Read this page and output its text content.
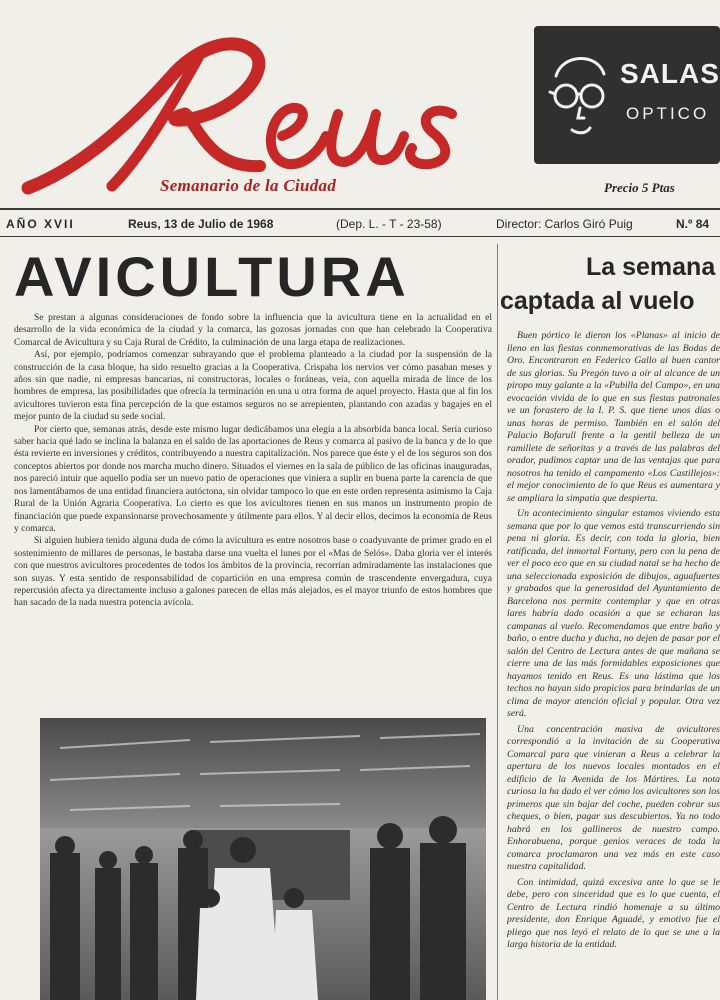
Semanario de la Ciudad
SALAS
OPTICO
Precio 5 Ptas
AÑO XVII	Reus, 13 de Julio de 1968	(Dep. L. - T - 23-58)	Director: Carlos Giró Puig	N.º 84
AVICULTURA

Se prestan a algunas consideraciones de fondo sobre la influencia que la avicultura tiene en la actualidad en el desarrollo de la vida económica de la ciudad y la comarca, las gozosas jornadas con que han celebrado la Cooperativa Comarcal de Avicultura y su Caja Rural de Crédito, la culminación de una larga etapa de realizaciones.

Así, por ejemplo, podríamos comenzar subrayando que el problema planteado a la ciudad por la suspensión de la construcción de la casa bloque, ha sido resuelto gracias a la Cooperativa. Crispaba los nervios ver cómo pasaban meses y años sin que nadie, ni empresas bancarias, ni constructoras, locales o foráneas, veía, con aquella mirada de lince de los hombres de empresa, las posibilidades que ofrecía la terminación en una u otra forma de aquel proyecto. Hasta que al fin los avicultores tuvieron esta fina percepción de la que estamos seguros no se arrepienten, plantando con azadas y bagajes en el mejor punto de la ciudad su sede social.

Por cierto que, semanas atrás, desde este mismo lugar dedicábamos una elegía a la absorbida banca local. Sería curioso saber hacia qué lado se inclina la balanza en el saldo de las aportaciones de Reus y comarca al pasivo de la banca y de lo que ésta revierte en inversiones y créditos, contribuyendo a nuestra capitalización. Nos parece que éste y el de los seguros son dos conceptos abiertos por donde nos marcha mucho dinero. Situados el viernes en la sala de público de las oficinas inauguradas, nos pareció intuir que aquello podía ser un nuevo patio de operaciones que viniera a suplir en buena parte la carencia de que nos lamentábamos de una entidad financiera autóctona, sin olvidar tampoco lo que en este orden representa asimismo la Caja Rural de la Unión Agraria Cooperativa. Lo cierto es que los avicultores tienen en sus manos un instrumento propio de financiación que puede expansionarse provechosamente y útilmente para ellos. Y al decir ellos, decimos la economía de Reus y comarca.

Si alguien hubiera tenido alguna duda de cómo la avicultura es entre nosotros base o coadyuvante de primer grado en el sostenimiento de millares de personas, le bastaba darse una vuelta el lunes por el «Mas de Selós». Daba gloria ver el interés con que nuestros avicultores procedentes de todos los ámbitos de la provincia, recorrían admiradamente las instalaciones que son suyas. Y esta sentido de responsabilidad de copartición en una empresa común de trascendente envergadura, cuya repercusión afecta ya directamente incluso a galones parecen de ellas más alejados, es el mayor triunfo de estos hombres que han sacado de la nada nuestra potencia avícola.

La semana
captada al vuelo

Buen pórtico le dieron los «Planas» al inicio de lleno en las fiestas conmemorativas de las Bodas de Oro. Encontraron en Federico Gallo al buen cantor de sus glorias. Su Pregón tuvo a oír al alcance de un piropo muy galante a la «Pubilla del Campo», en una evocación vivida de lo que en sus fiestas patronales ve un forastero de la I. P. S. que tiene unos días o unas horas de permiso. También en el salón del Palacio Bofarull frente a la gentil belleza de un ramillete de señoritas y a través de las palabras del orador, pudimos captar una de las ventajas que para nosotros ha tenido el campamento «Los Castillejos»: el mejor conocimiento de lo que Reus es aumentara y se ampliara la simpatía que despierta.

Un acontecimiento singular estamos viviendo esta semana que por lo que vemos está transcurriendo sin pena ni gloria. Es decir, con toda la gloria, bien ratificada, del inmortal Fortuny, pero con la pena de ver el poco eco que en su ciudad natal se ha hecho de una seleccionada exposición de dibujos, aguafuertes y grabados que la generosidad del Ayuntamiento de Barcelona nos permite contemplar y que en otras lares habría dado ocasión a que se echaran las campanas al vuelo. Recomendamos que entre baño y baño, o entre ducha y ducha, no dejen de pasar por el salón del Centro de Lectura antes de que mañana se cierre una de las más formidables exposiciones que hayamos tenido en Reus. Es una lástima que los techos no hayan sido propicios para brindarlas de un clima de mayor atención oficial y popular. Otra vez será.

Una concentración masiva de avicultores correspondió a la invitación de su Cooperativa Comarcal para que vinieran a Reus a celebrar la apertura de los nuevos locales montados en el edificio de la Avenida de los Mártires. La nota curiosa la ha dado el ver cómo los avicultores son los primeros que sin bajar del coche, pueden cobrar sus cheques, o bien, pagar sus descubiertos. Ya no todo habrá en los gallineros de nuestro campo. Enhorabuena, porque genios veraces de toda la comarca proclamaron una vez más en este caso nuestra capitalidad.

Con intimidad, quizá excesiva ante lo que se le debe, pero con sinceridad que es lo que cuenta, el Centro de Lectura rindió homenaje a su último presidente, don Enrique Aguadé, y emotivo fue el pliego que nos leyó el relato de lo que se une a la larga historia de la entidad.
